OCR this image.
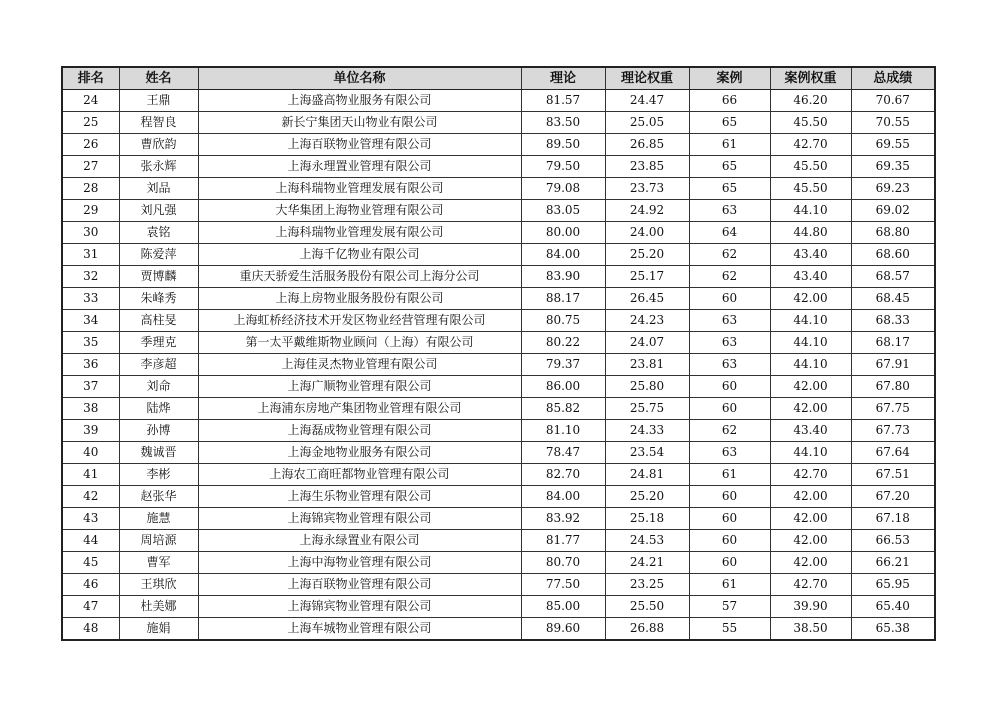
排名	姓名	单位名称	理论	理论权重	案例	案例权重	总成绩
24	王鼎	上海盛高物业服务有限公司	81.57	24.47	66	46.20	70.67
25	程智良	新长宁集团天山物业有限公司	83.50	25.05	65	45.50	70.55
26	曹欣韵	上海百联物业管理有限公司	89.50	26.85	61	42.70	69.55
27	张永辉	上海永理置业管理有限公司	79.50	23.85	65	45.50	69.35
28	刘品	上海科瑞物业管理发展有限公司	79.08	23.73	65	45.50	69.23
29	刘凡强	大华集团上海物业管理有限公司	83.05	24.92	63	44.10	69.02
30	袁铭	上海科瑞物业管理发展有限公司	80.00	24.00	64	44.80	68.80
31	陈爱萍	上海千亿物业有限公司	84.00	25.20	62	43.40	68.60
32	贾博麟	重庆天骄爱生活服务股份有限公司上海分公司	83.90	25.17	62	43.40	68.57
33	朱峰秀	上海上房物业服务股份有限公司	88.17	26.45	60	42.00	68.45
34	高柱旻	上海虹桥经济技术开发区物业经营管理有限公司	80.75	24.23	63	44.10	68.33
35	季理克	第一太平戴维斯物业顾问（上海）有限公司	80.22	24.07	63	44.10	68.17
36	李彦超	上海佳灵杰物业管理有限公司	79.37	23.81	63	44.10	67.91
37	刘命	上海广顺物业管理有限公司	86.00	25.80	60	42.00	67.80
38	陆烨	上海浦东房地产集团物业管理有限公司	85.82	25.75	60	42.00	67.75
39	孙博	上海磊成物业管理有限公司	81.10	24.33	62	43.40	67.73
40	魏诚晋	上海金地物业服务有限公司	78.47	23.54	63	44.10	67.64
41	李彬	上海农工商旺都物业管理有限公司	82.70	24.81	61	42.70	67.51
42	赵张华	上海生乐物业管理有限公司	84.00	25.20	60	42.00	67.20
43	施慧	上海锦宾物业管理有限公司	83.92	25.18	60	42.00	67.18
44	周培源	上海永绿置业有限公司	81.77	24.53	60	42.00	66.53
45	曹军	上海中海物业管理有限公司	80.70	24.21	60	42.00	66.21
46	王琪欣	上海百联物业管理有限公司	77.50	23.25	61	42.70	65.95
47	杜美娜	上海锦宾物业管理有限公司	85.00	25.50	57	39.90	65.40
48	施娟	上海车城物业管理有限公司	89.60	26.88	55	38.50	65.38
